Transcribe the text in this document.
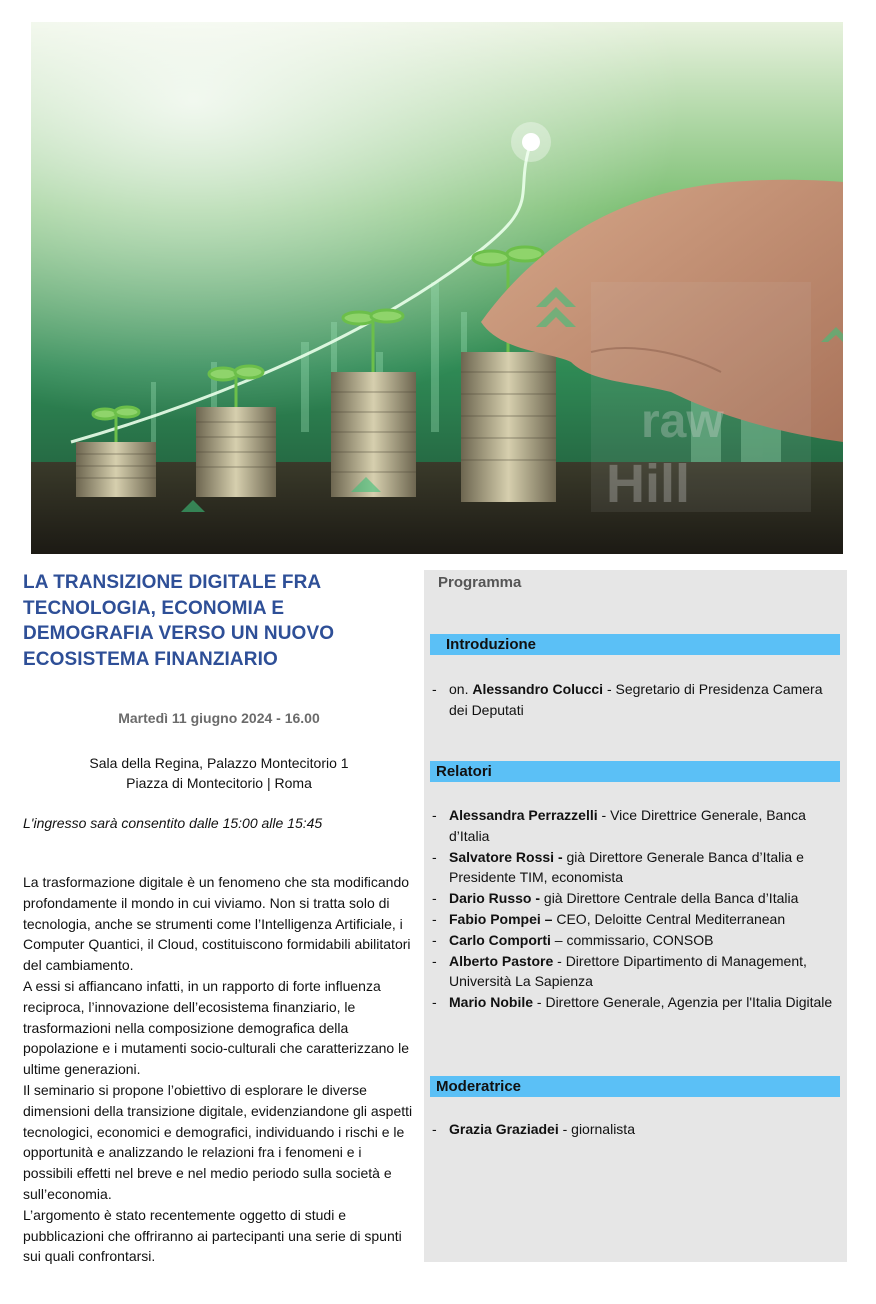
raw
Hill
LA TRANSIZIONE DIGITALE FRA TECNOLOGIA, ECONOMIA E DEMOGRAFIA VERSO UN NUOVO ECOSISTEMA FINANZIARIO
Martedì 11 giugno 2024 - 16.00
Sala della Regina, Palazzo Montecitorio 1
Piazza di Montecitorio | Roma
L'ingresso sarà consentito dalle 15:00 alle 15:45

La trasformazione digitale è un fenomeno che sta modificando profondamente il mondo in cui viviamo. Non si tratta solo di tecnologia, anche se strumenti come l’Intelligenza Artificiale, i Computer Quantici, il Cloud, costituiscono formidabili abilitatori del cambiamento.

A essi si affiancano infatti, in un rapporto di forte influenza reciproca, l’innovazione dell’ecosistema finanziario, le trasformazioni nella composizione demografica della popolazione e i mutamenti socio-culturali che caratterizzano le ultime generazioni.

Il seminario si propone l’obiettivo di esplorare le diverse dimensioni della transizione digitale, evidenziandone gli aspetti tecnologici, economici e demografici, individuando i rischi e le opportunità e analizzando le relazioni fra i fenomeni e i possibili effetti nel breve e nel medio periodo sulla società e sull’economia.

L’argomento è stato recentemente oggetto di studi e pubblicazioni che offriranno ai partecipanti una serie di spunti sui quali confrontarsi.

Programma
Introduzione
- on. Alessandro Colucci - Segretario di Presidenza Camera dei Deputati
Relatori
- Alessandra Perrazzelli - Vice Direttrice Generale, Banca d’Italia
- Salvatore Rossi - già Direttore Generale Banca d’Italia e Presidente TIM, economista
- Dario Russo - già Direttore Centrale della Banca d’Italia
- Fabio Pompei – CEO, Deloitte Central Mediterranean
- Carlo Comporti – commissario, CONSOB
- Alberto Pastore - Direttore Dipartimento di Management, Università La Sapienza
- Mario Nobile - Direttore Generale, Agenzia per l'Italia Digitale
Moderatrice
- Grazia Graziadei - giornalista
